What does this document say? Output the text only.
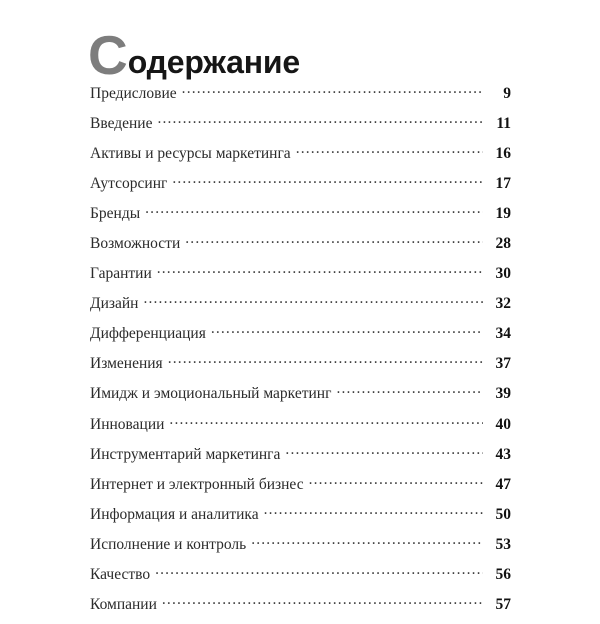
С одержание
Предисловие .....	9
Введение .....	11
Активы и ресурсы маркетинга .....	16
Аутсорсинг .....	17
Бренды .....	19
Возможности .....	28
Гарантии .....	30
Дизайн .....	32
Дифференциация .....	34
Изменения .....	37
Имидж и эмоциональный маркетинг .....	39
Инновации .....	40
Инструментарий маркетинга .....	43
Интернет и электронный бизнес .....	47
Информация и аналитика .....	50
Исполнение и контроль .....	53
Качество .....	56
Компании .....	57
